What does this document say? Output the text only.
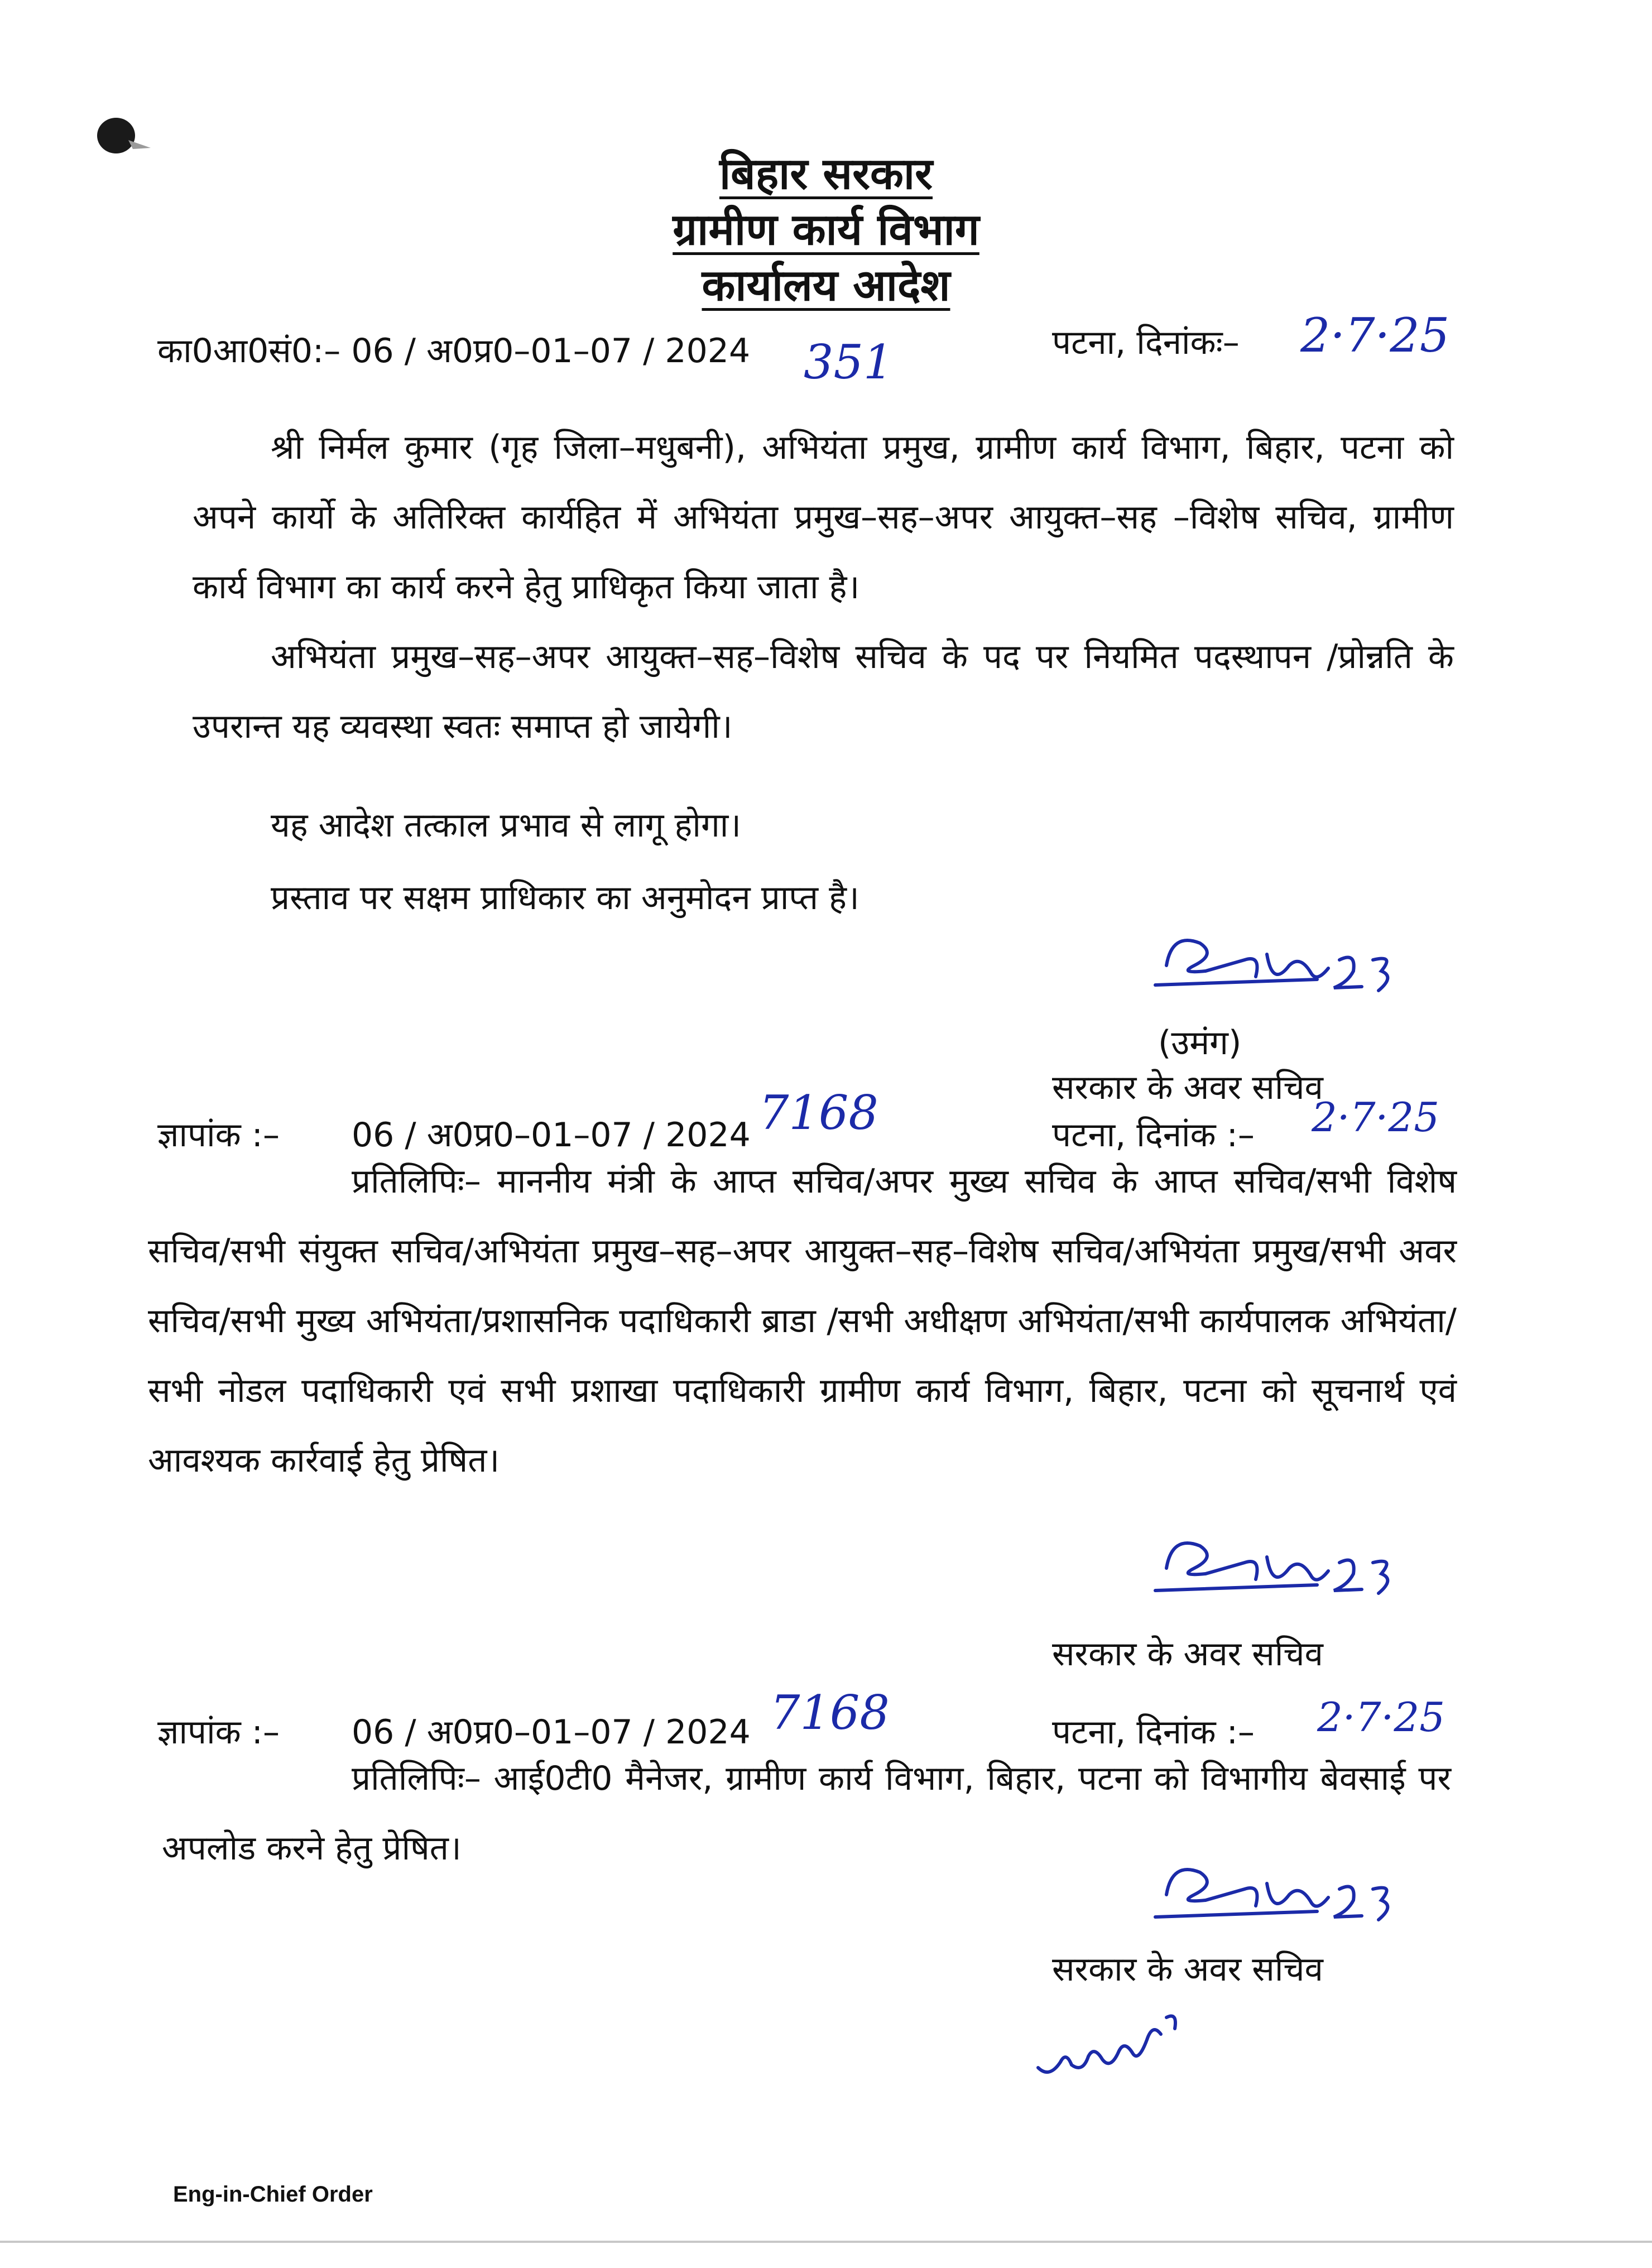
बिहार सरकार
ग्रामीण कार्य विभाग
कार्यालय आदेश
का0आ0सं0:– 06 / अ0प्र0–01–07 / 2024 351	पटना, दिनांकः– 2·7·25
श्री निर्मल कुमार (गृह जिला–मधुबनी), अभियंता प्रमुख, ग्रामीण कार्य विभाग, बिहार, पटना को अपने कार्यो के अतिरिक्त कार्यहित में अभियंता प्रमुख–सह–अपर आयुक्त–सह –विशेष सचिव, ग्रामीण कार्य विभाग का कार्य करने हेतु प्राधिकृत किया जाता है।
अभियंता प्रमुख–सह–अपर आयुक्त–सह–विशेष सचिव के पद पर नियमित पदस्थापन /प्रोन्नति के उपरान्त यह व्यवस्था स्वतः समाप्त हो जायेगी।
यह आदेश तत्काल प्रभाव से लागू होगा।
प्रस्ताव पर सक्षम प्राधिकार का अनुमोदन प्राप्त है।
(उमंग)
सरकार के अवर सचिव
ज्ञापांक :– 06 / अ0प्र0–01–07 / 2024 7168	पटना, दिनांक :– 2·7·25
प्रतिलिपिः– माननीय मंत्री के आप्त सचिव/अपर मुख्य सचिव के आप्त सचिव/सभी विशेष सचिव/सभी संयुक्त सचिव/अभियंता प्रमुख–सह–अपर आयुक्त–सह–विशेष सचिव/अभियंता प्रमुख/सभी अवर सचिव/सभी मुख्य अभियंता/प्रशासनिक पदाधिकारी ब्राडा /सभी अधीक्षण अभियंता/सभी कार्यपालक अभियंता/सभी नोडल पदाधिकारी एवं सभी प्रशाखा पदाधिकारी ग्रामीण कार्य विभाग, बिहार, पटना को सूचनार्थ एवं आवश्यक कार्रवाई हेतु प्रेषित।
सरकार के अवर सचिव
ज्ञापांक :– 06 / अ0प्र0–01–07 / 2024 7168	पटना, दिनांक :– 2·7·25
प्रतिलिपिः– आई0टी0 मैनेजर, ग्रामीण कार्य विभाग, बिहार, पटना को विभागीय बेवसाई पर अपलोड करने हेतु प्रेषित।
सरकार के अवर सचिव
Eng-in-Chief Order
